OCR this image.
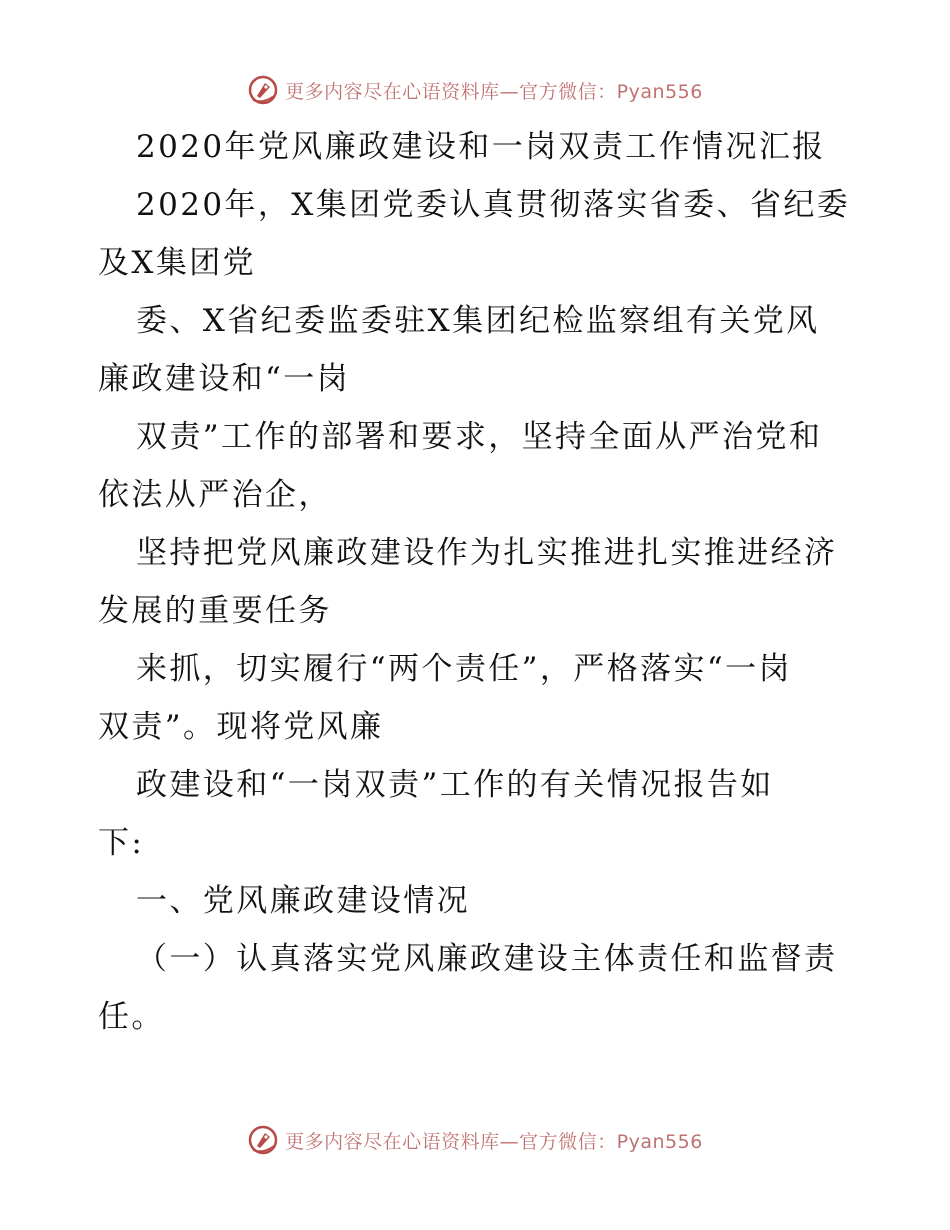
更多内容尽在心语资料库—官方微信：Pyan556
2020年党风廉政建设和一岗双责工作情况汇报
2020年，X集团党委认真贯彻落实省委、省纪委
及X集团党
委、X省纪委监委驻X集团纪检监察组有关党风
廉政建设和“一岗
双责”工作的部署和要求，坚持全面从严治党和
依法从严治企，
坚持把党风廉政建设作为扎实推进扎实推进经济
发展的重要任务
来抓，切实履行“两个责任”，严格落实“一岗
双责”。现将党风廉
政建设和“一岗双责”工作的有关情况报告如
下:
一、党风廉政建设情况
（一）认真落实党风廉政建设主体责任和监督责
任。
更多内容尽在心语资料库—官方微信：Pyan556
